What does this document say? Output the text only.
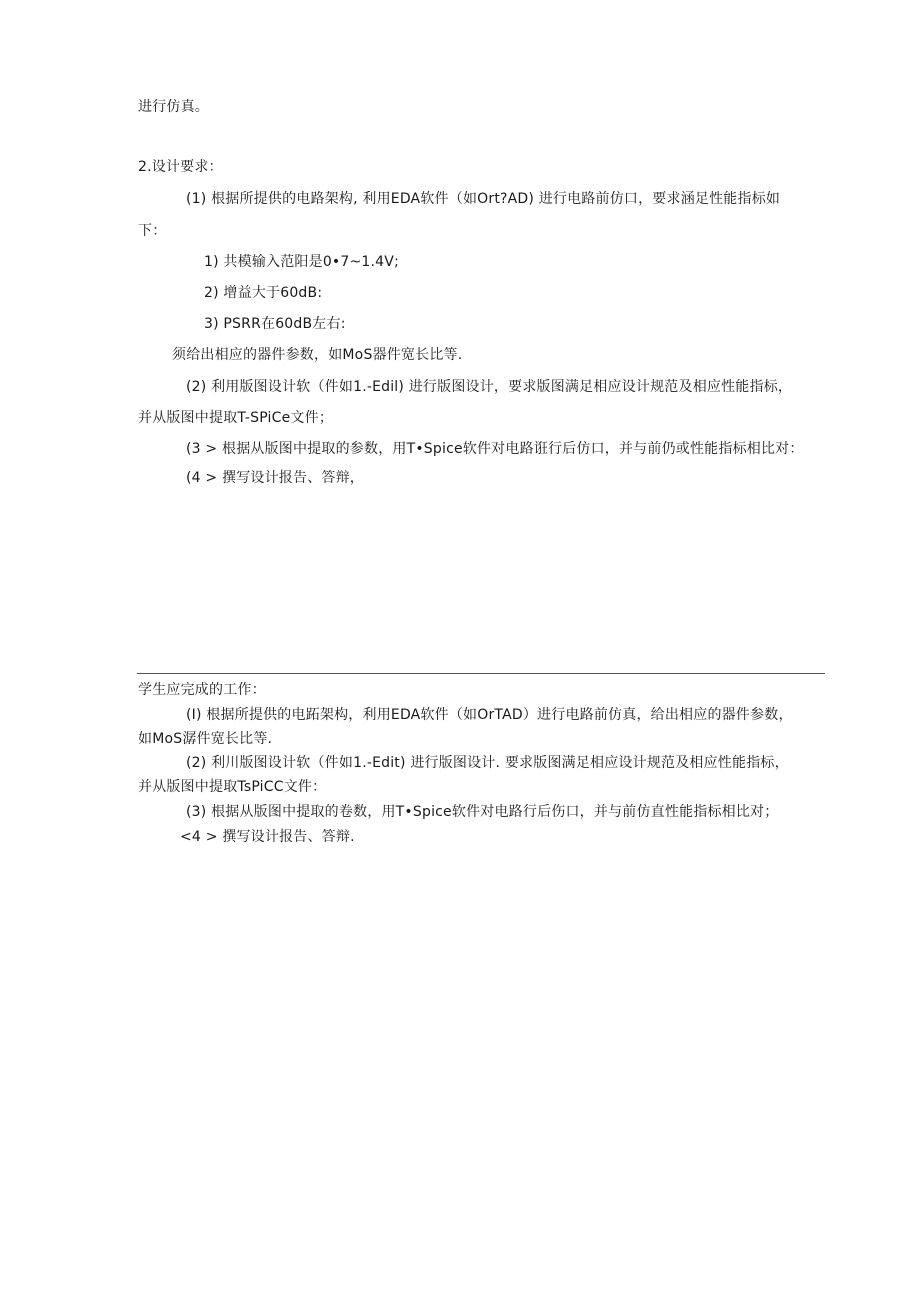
进行仿真。
2.设计要求：
(1) 根据所提供的电路架构, 利用EDA软件（如Ort?AD) 进行电路前仿口，要求涵足性能指标如
下：
1) 共模输入范阳是0•7~1.4V;
2) 增益大于60dB:
3) PSRR在60dB左右:
须给出相应的器件参数，如MoS器件宽长比等.
(2) 利用版图设计软（件如1.-Edil) 进行版图设计，要求版图满足相应设计规范及相应性能指标，
并从版图中提取T-SPiCe文件；
(3 > 根据从版图中提取的参数，用T•Spice软件对电路诳行后仿口，并与前仍或性能指标相比对：
(4 > 撰写设计报告、答辩，
学生应完成的工作：
(I) 根据所提供的电跖架构，利用EDA软件（如OrTAD）进行电路前仿真，给出相应的器件参数，
如MoS潺件宽长比等.
(2) 利川版图设计软（件如1.-Edit) 进行版图设计. 要求版图满足相应设计规范及相应性能指标，
并从版图中提取TsPiCC文件：
(3) 根据从版图中提取的卷数，用T•Spice软件对电路行后伤口，并与前仿直性能指标相比对；
<4 > 撰写设计报告、答辩.
